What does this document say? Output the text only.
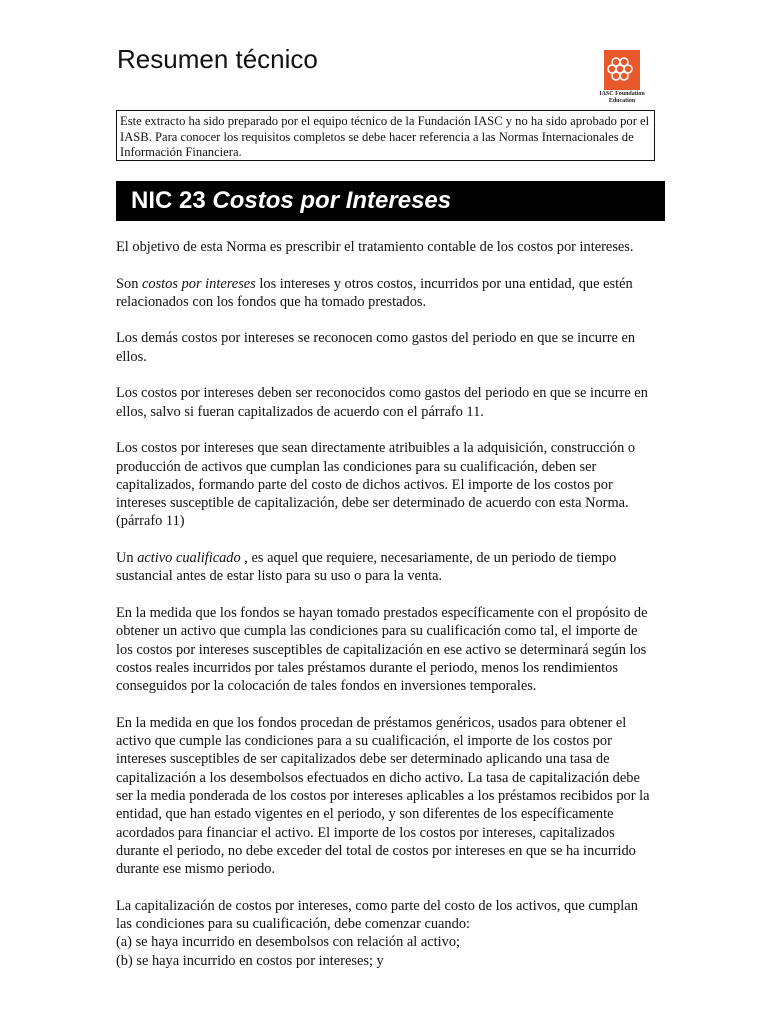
Resumen técnico
IASC Foundation
Education
Este extracto ha sido preparado por el equipo técnico de la Fundación IASC y no ha sido aprobado por el IASB. Para conocer los requisitos completos se debe hacer referencia a las Normas Internacionales de Información Financiera.
NIC 23 Costos por Intereses

El objetivo de esta Norma es prescribir el tratamiento contable de los costos por intereses.

Son costos por intereses los intereses y otros costos, incurridos por una entidad, que estén relacionados con los fondos que ha tomado prestados.

Los demás costos por intereses se reconocen como gastos del periodo en que se incurre en ellos.

Los costos por intereses deben ser reconocidos como gastos del periodo en que se incurre en ellos, salvo si fueran capitalizados de acuerdo con el párrafo 11.

Los costos por intereses que sean directamente atribuibles a la adquisición, construcción o producción de activos que cumplan las condiciones para su cualificación, deben ser capitalizados, formando parte del costo de dichos activos. El importe de los costos por intereses susceptible de capitalización, debe ser determinado de acuerdo con esta Norma. (párrafo 11)

Un activo cualificado , es aquel que requiere, necesariamente, de un periodo de tiempo sustancial antes de estar listo para su uso o para la venta.

En la medida que los fondos se hayan tomado prestados específicamente con el propósito de obtener un activo que cumpla las condiciones para su cualificación como tal, el importe de los costos por intereses susceptibles de capitalización en ese activo se determinará según los costos reales incurridos por tales préstamos durante el periodo, menos los rendimientos conseguidos por la colocación de tales fondos en inversiones temporales.

En la medida en que los fondos procedan de préstamos genéricos, usados para obtener el activo que cumple las condiciones para a su cualificación, el importe de los costos por intereses susceptibles de ser capitalizados debe ser determinado aplicando una tasa de capitalización a los desembolsos efectuados en dicho activo. La tasa de capitalización debe ser la media ponderada de los costos por intereses aplicables a los préstamos recibidos por la entidad, que han estado vigentes en el periodo, y son diferentes de los específicamente acordados para financiar el activo. El importe de los costos por intereses, capitalizados durante el periodo, no debe exceder del total de costos por intereses en que se ha incurrido durante ese mismo periodo.

La capitalización de costos por intereses, como parte del costo de los activos, que cumplan las condiciones para su cualificación, debe comenzar cuando:

(a) se haya incurrido en desembolsos con relación al activo;
(b) se haya incurrido en costos por intereses; y
